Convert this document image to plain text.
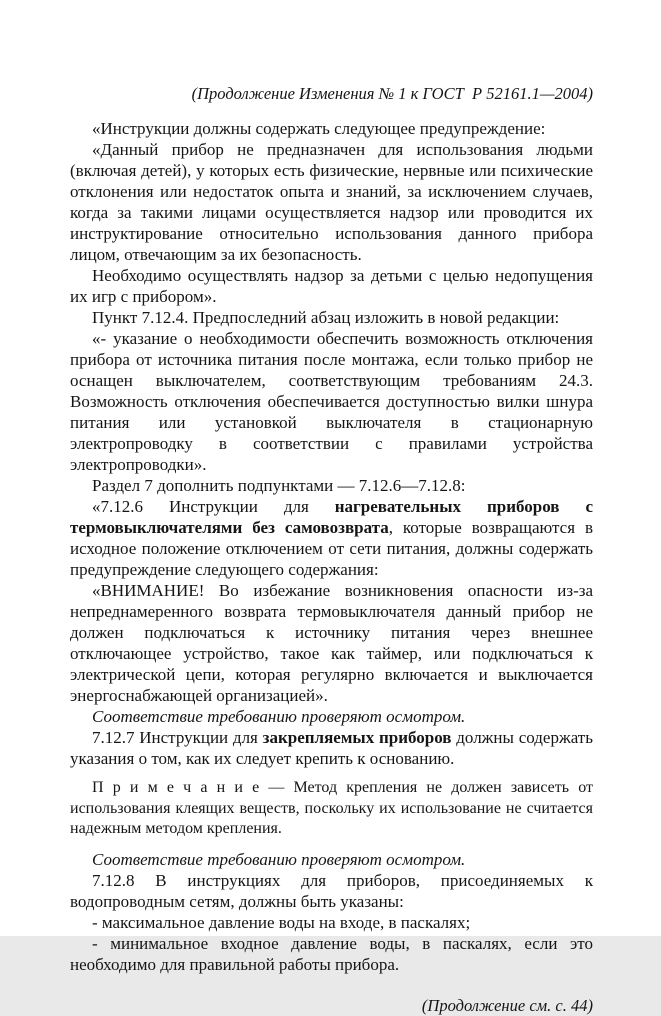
(Продолжение Изменения № 1 к ГОСТ Р 52161.1—2004)

«Инструкции должны содержать следующее предупреждение:

«Данный прибор не предназначен для использования людьми (включая детей), у которых есть физические, нервные или психические отклонения или недостаток опыта и знаний, за исключением случаев, когда за такими лицами осуществляется надзор или проводится их инструктирование относительно использования данного прибора лицом, отвечающим за их безопасность.

Необходимо осуществлять надзор за детьми с целью недопущения их игр с прибором».

Пункт 7.12.4. Предпоследний абзац изложить в новой редакции:

«- указание о необходимости обеспечить возможность отключения прибора от источника питания после монтажа, если только прибор не оснащен выключателем, соответствующим требованиям 24.3. Возможность отключения обеспечивается доступностью вилки шнура питания или установкой выключателя в стационарную электропроводку в соответствии с правилами устройства электропроводки».

Раздел 7 дополнить подпунктами — 7.12.6—7.12.8:

«7.12.6 Инструкции для нагревательных приборов с термовыключателями без самовозврата, которые возвращаются в исходное положение отключением от сети питания, должны содержать предупреждение следующего содержания:

«ВНИМАНИЕ! Во избежание возникновения опасности из-за непреднамеренного возврата термовыключателя данный прибор не должен подключаться к источнику питания через внешнее отключающее устройство, такое как таймер, или подключаться к электрической цепи, которая регулярно включается и выключается энергоснабжающей организацией».

Соответствие требованию проверяют осмотром.

7.12.7 Инструкции для закрепляемых приборов должны содержать указания о том, как их следует крепить к основанию.

П р и м е ч а н и е — Метод крепления не должен зависеть от использования клеящих веществ, поскольку их использование не считается надежным методом крепления.

Соответствие требованию проверяют осмотром.

7.12.8 В инструкциях для приборов, присоединяемых к водопроводным сетям, должны быть указаны:

- максимальное давление воды на входе, в паскалях;

- минимальное входное давление воды, в паскалях, если это необходимо для правильной работы прибора.

(Продолжение см. с. 44)
